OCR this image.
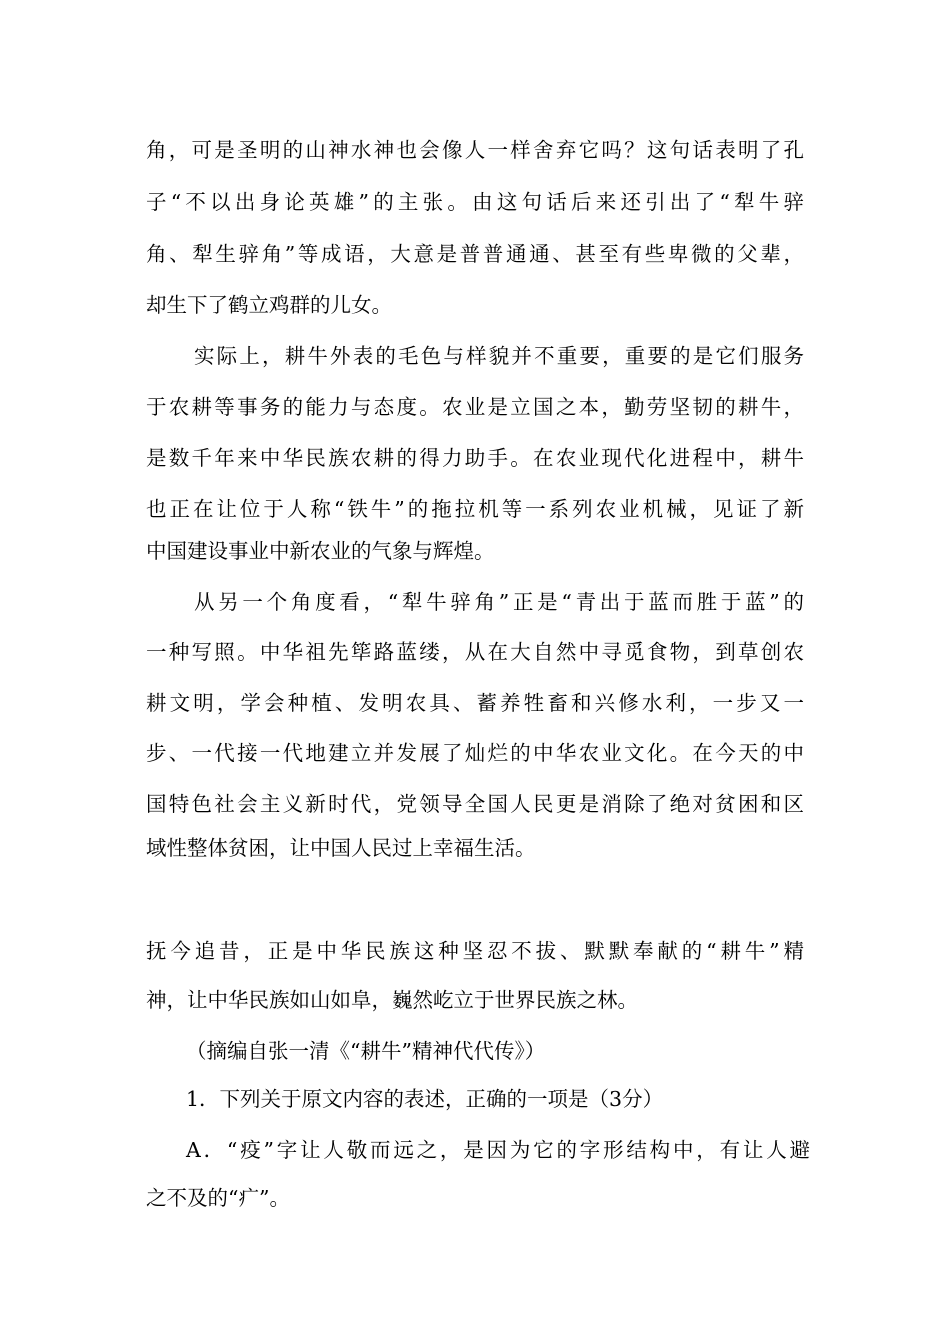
角，可是圣明的山神水神也会像人一样舍弃它吗？这句话表明了孔
子“不以出身论英雄”的主张。由这句话后来还引出了“犁牛骍
角、犁生骍角”等成语，大意是普普通通、甚至有些卑微的父辈，
却生下了鹤立鸡群的儿女。
实际上，耕牛外表的毛色与样貌并不重要，重要的是它们服务
于农耕等事务的能力与态度。农业是立国之本，勤劳坚韧的耕牛，
是数千年来中华民族农耕的得力助手。在农业现代化进程中，耕牛
也正在让位于人称“铁牛”的拖拉机等一系列农业机械，见证了新
中国建设事业中新农业的气象与辉煌。
从另一个角度看，“犁牛骍角”正是“青出于蓝而胜于蓝”的
一种写照。中华祖先筚路蓝缕，从在大自然中寻觅食物，到草创农
耕文明，学会种植、发明农具、蓄养牲畜和兴修水利，一步又一
步、一代接一代地建立并发展了灿烂的中华农业文化。在今天的中
国特色社会主义新时代，党领导全国人民更是消除了绝对贫困和区
域性整体贫困，让中国人民过上幸福生活。
抚今追昔，正是中华民族这种坚忍不拔、默默奉献的“耕牛”精
神，让中华民族如山如阜，巍然屹立于世界民族之林。
（摘编自张一清《“耕牛”精神代代传》）
1．下列关于原文内容的表述，正确的一项是（3分）
A．“疫”字让人敬而远之，是因为它的字形结构中，有让人避
之不及的“疒”。
